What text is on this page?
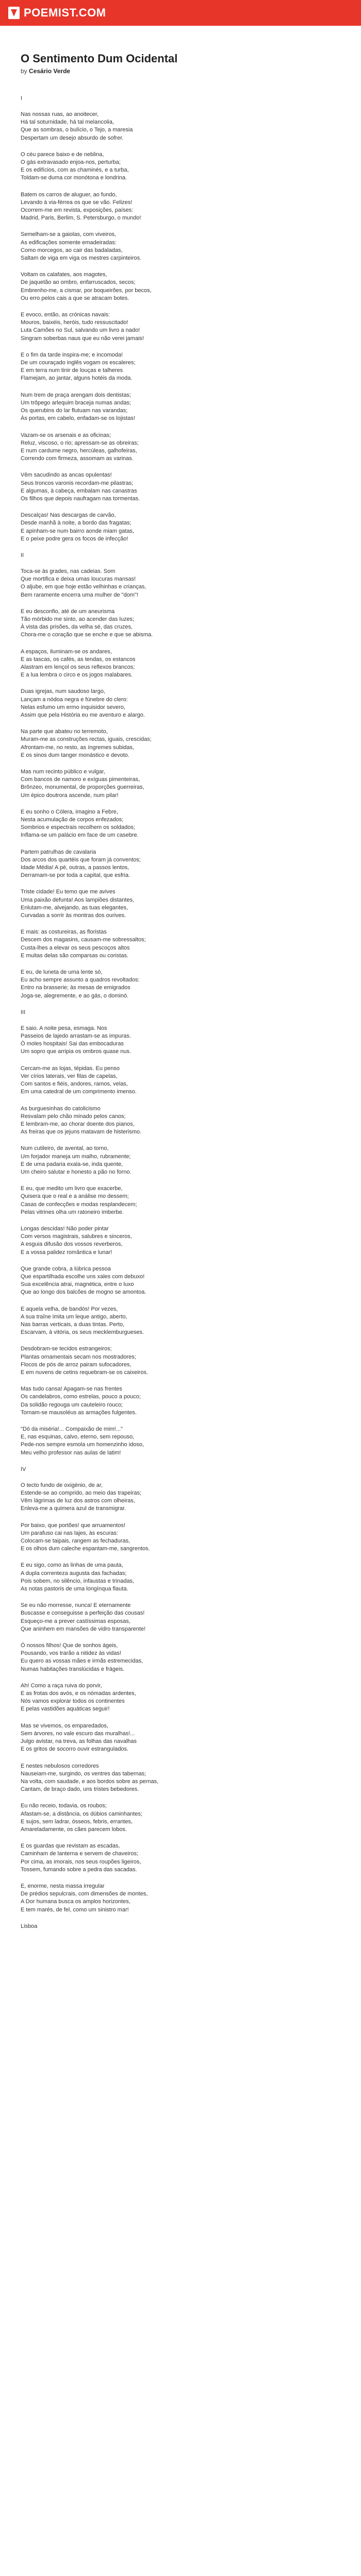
POEMIST.COM
O Sentimento Dum Ocidental
by Cesário Verde
I
Nas nossas ruas, ao anoitecer,
Há tal soturnidade, há tal melancolia,
Que as sombras, o bulício, o Tejo, a maresia
Despertam um desejo absurdo de sofrer.
O céu parece baixo e de neblina,
O gás extravasado enjoa-nos, perturba;
E os edifícios, com as chaminés, e a turba,
Toldam-se duma cor monótona e londrina.
Batem os carros de aluguer, ao fundo,
Levando à via-férrea os que se vão. Felizes!
Ocorrem-me em revista, exposições, países:
Madrid, Paris, Berlim, S. Petersburgo, o mundo!
Semelham-se a gaiolas, com viveiros,
As edificações somente emadeiradas:
Como morcegos, ao cair das badaladas,
Saltam de viga em viga os mestres carpinteiros.
Voltam os calafates, aos magotes,
De jaquetão ao ombro, enfarruscados, secos;
Embrenho-me, a cismar, por boqueirões, por becos,
Ou erro pelos cais a que se atracam botes.
E evoco, então, as crónicas navais:
Mouros, baixéis, heróis, tudo ressuscitado!
Luta Camões no Sul, salvando um livro a nado!
Singram soberbas naus que eu não verei jamais!
E o fim da tarde inspira-me; e incomoda!
De um couraçado inglês vogam os escaleres;
E em terra num tinir de louças e talheres
Flamejam, ao jantar, alguns hotéis da moda.
Num trem de praça arengam dois dentistas;
Um trôpego arlequim braceja numas andas;
Os querubins do lar flutuam nas varandas;
Às portas, em cabelo, enfadam-se os lojistas!
Vazam-se os arsenais e as oficinas;
Reluz, viscoso, o rio; apressam-se as obreiras;
E num cardume negro, hercúleas, galhofeiras,
Correndo com firmeza, assomam as varinas.
Vêm sacudindo as ancas opulentas!
Seus troncos varonis recordam-me pilastras;
E algumas, à cabeça, embalam nas canastras
Os filhos que depois naufragam nas tormentas.
Descalças! Nas descargas de carvão,
Desde manhã à noite, a bordo das fragatas;
E apinham-se num bairro aonde miam gatas,
E o peixe podre gera os focos de infecção!
II
Toca-se às grades, nas cadeias. Som
Que mortifica e deixa umas loucuras mansas!
O aljube, em que hoje estão velhinhas e crianças,
Bem raramente encerra uma mulher de "dom"!
E eu desconfio, até de um aneurisma
Tão mórbido me sinto, ao acender das luzes;
À vista das prisões, da velha sé, das cruzes,
Chora-me o coração que se enche e que se abisma.
A espaços, iluminam-se os andares,
E as tascas, os cafés, as tendas, os estancos
Alastram em lençol os seus reflexos brancos;
E a lua lembra o circo e os jogos malabares.
Duas igrejas, num saudoso largo,
Lançam a nódoa negra e fúnebre do clero:
Nelas esfumo um ermo inquisidor severo,
Assim que pela História eu me aventuro e alargo.
Na parte que abateu no terremoto,
Muram-me as construções rectas, iguais, crescidas;
Afrontam-me, no resto, as íngremes subidas,
E os sinos dum tanger monástico e devoto.
Mas num recinto público e vulgar,
Com bancos de namoro e exíguas pimenteiras,
Brônzeo, monumental, de proporções guerreiras,
Um épico doutrora ascende, num pilar!
E eu sonho o Cólera, imagino a Febre,
Nesta acumulação de corpos enfezados;
Sombrios e espectrais recolhem os soldados;
Inflama-se um palácio em face de um casebre.
Partem patrulhas de cavalaria
Dos arcos dos quartéis que foram já conventos;
Idade Média! A pé, outras, a passos lentos,
Derramam-se por toda a capital, que esfria.
Triste cidade! Eu temo que me avives
Uma paixão defunta! Aos lampiões distantes,
Enlutam-me, alvejando, as tuas elegantes,
Curvadas a sorrir às montras dos ourives.
E mais: as costureiras, as floristas
Descem dos magasins, causam-me sobressaltos;
Custa-lhes a elevar os seus pescoços altos
E muitas delas são comparsas ou coristas.
E eu, de luneta de uma lente só,
Eu acho sempre assunto a quadros revoltados:
Entro na brasserie; às mesas de emigrados
Joga-se, alegremente, e ao gás, o dominó.
III
E saio. A noite pesa, esmaga. Nos
Passeios de lajedo arrastam-se as impuras.
Ó moles hospitais! Sai das embocaduras
Um sopro que arripia os ombros quase nus.
Cercam-me as lojas, tépidas. Eu penso
Ver círios laterais, ver filas de capelas,
Com santos e fiéis, andores, ramos, velas,
Em uma catedral de um comprimento imenso.
As burguesinhas do catolicismo
Resvalam pelo chão minado pelos canos;
E lembram-me, ao chorar doente dos pianos,
As freiras que os jejuns matavam de histerismo.
Num cutileiro, de avental, ao torno,
Um forjador maneja um malho, rubramente;
E de uma padaria exala-se, inda quente,
Um cheiro salutar e honesto a pão no forno.
E eu, que medito um livro que exacerbe,
Quisera que o real e a análise mo dessem;
Casas de confecções e modas resplandecem;
Pelas vitrines olha um ratoneiro imberbe.
Longas descidas! Não poder pintar
Com versos magistrais, salubres e sinceros,
A esguia difusão dos vossos reverberos,
E a vossa palidez romântica e lunar!
Que grande cobra, a lúbrica pessoa
Que espartilhada escolhe uns xales com debuxo!
Sua excelência atrai, magnética, entre o luxo
Que ao longo dos balcões de mogno se amontoa.
E aquela velha, de bandós! Por vezes,
A sua traîne imita um leque antigo, aberto,
Nas barras verticais, a duas tintas. Perto,
Escarvam, à vitória, os seus mecklemburgueses.
Desdobram-se tecidos estrangeiros;
Plantas ornamentais secam nos mostradores;
Flocos de pós de arroz pairam sufocadores,
E em nuvens de cetins requebram-se os caixeiros.
Mas tudo cansa! Apagam-se nas frentes
Os candelabros, como estrelas, pouco a pouco;
Da solidão regouga um cauteleiro rouco;
Tornam-se mausoléus as armações fulgentes.
"Dó da miséria!... Compaixão de mim!..."
E, nas esquinas, calvo, eterno, sem repouso,
Pede-nos sempre esmola um homenzinho idoso,
Meu velho professor nas aulas de latim!
IV
O tecto fundo de oxigénio, de ar,
Estende-se ao comprido, ao meio das trapeiras;
Vêm lágrimas de luz dos astros com olheiras,
Enleva-me a quimera azul de transmigrar.
Por baixo, que portões! que arruamentos!
Um parafuso cai nas lajes, às escuras:
Colocam-se taipais, rangem as fechaduras,
E os olhos dum caleche espantam-me, sangrentos.
E eu sigo, como as linhas de uma pauta,
A dupla correnteza augusta das fachadas;
Pois sobem, no silêncio, infaustas e trinadas,
As notas pastoris de uma longínqua flauta.
Se eu não morresse, nunca! E eternamente
Buscasse e conseguisse a perfeição das cousas!
Esqueço-me a prever castíssimas esposas,
Que aninhem em mansões de vidro transparente!
Ó nossos filhos! Que de sonhos ágeis,
Pousando, vos trarão a nitidez às vidas!
Eu quero as vossas mães e irmãs estremecidas,
Numas habitações translúcidas e frágeis.
Ah! Como a raça ruiva do porvir,
E as frotas dos avós, e os nómadas ardentes,
Nós vamos explorar todos os continentes
E pelas vastidões aquáticas seguir!
Mas se vivemos, os emparedados,
Sem árvores, no vale escuro das muralhas!...
Julgo avistar, na treva, as folhas das navalhas
E os gritos de socorro ouvir estrangulados.
E nestes nebulosos corredores
Nauseiam-me, surgindo, os ventres das tabernas;
Na volta, com saudade, e aos bordos sobre as pernas,
Cantam, de braço dado, uns tristes bebedores.
Eu não receio, todavia, os roubos;
Afastam-se, a distância, os dúbios caminhantes;
E sujos, sem ladrar, ósseos, febris, errantes,
Amareladamente, os cães parecem lobos.
E os guardas que revistam as escadas,
Caminham de lanterna e servem de chaveiros;
Por cima, as imorais, nos seus roupões ligeiros,
Tossem, fumando sobre a pedra das sacadas.
E, enorme, nesta massa irregular
De prédios sepulcrais, com dimensões de montes,
A Dor humana busca os amplos horizontes,
E tem marés, de fel, como um sinistro mar!
Lisboa
